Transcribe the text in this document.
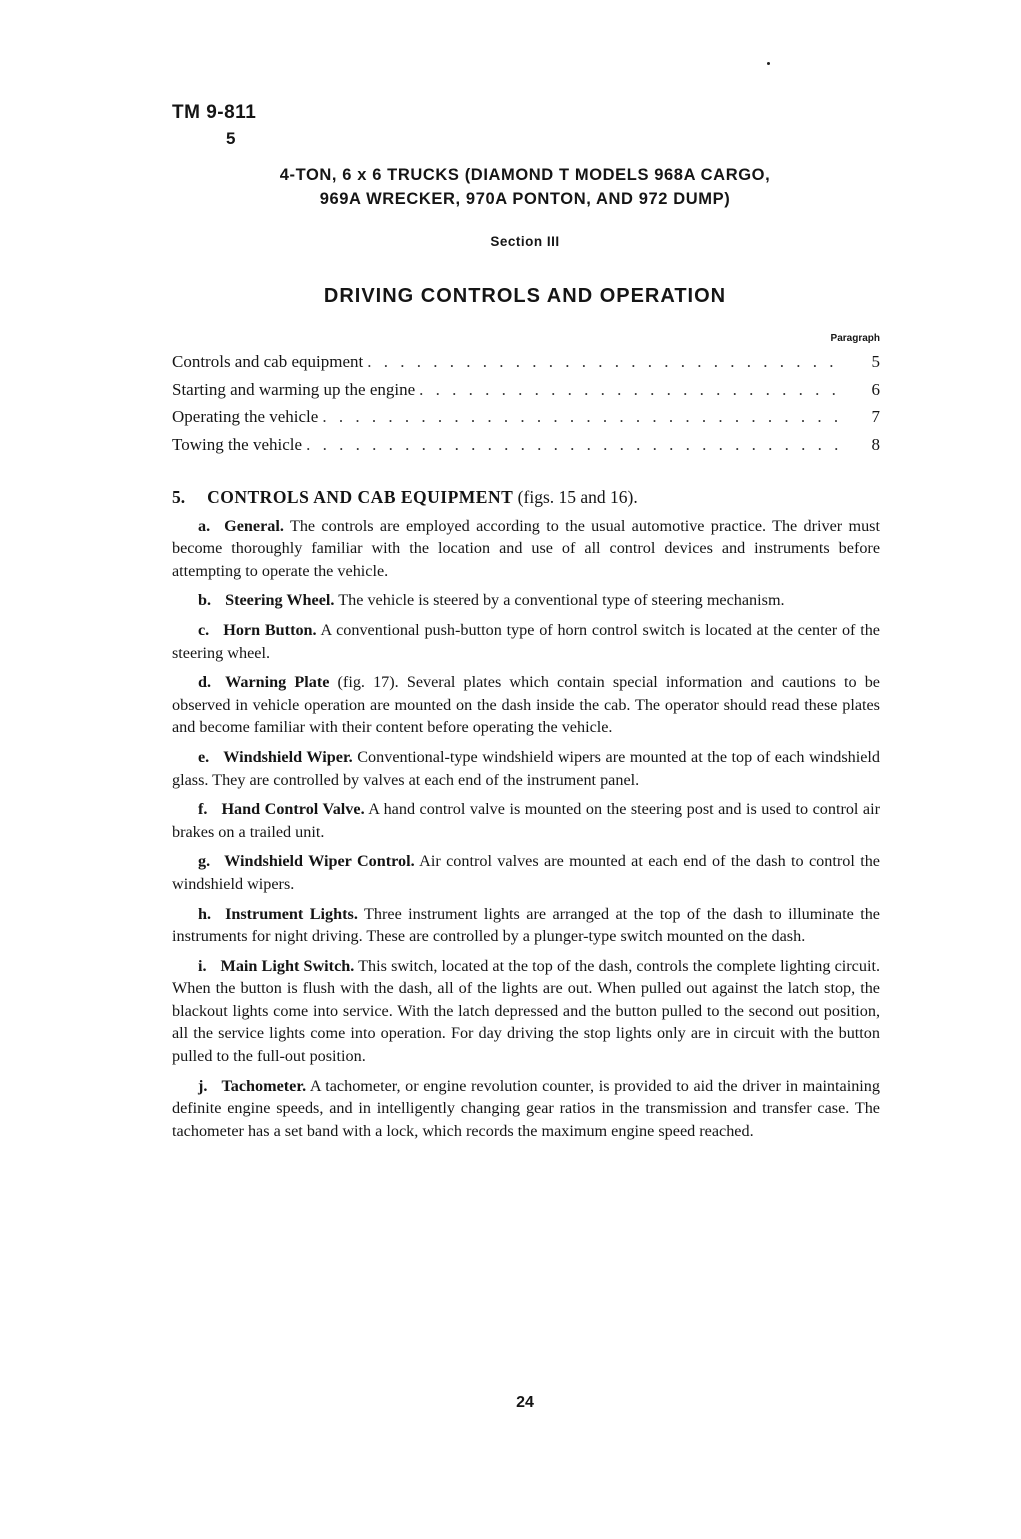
TM 9-811
5
4-TON, 6 x 6 TRUCKS (DIAMOND T MODELS 968A CARGO,
969A WRECKER, 970A PONTON, AND 972 DUMP)
Section III
DRIVING CONTROLS AND OPERATION
Paragraph
Controls and cab equipment . . .	5
Starting and warming up the engine . . .	6
Operating the vehicle . . .	7
Towing the vehicle . . .	8

5. CONTROLS AND CAB EQUIPMENT (figs. 15 and 16).

a. General. The controls are employed according to the usual automotive practice. The driver must become thoroughly familiar with the location and use of all control devices and instruments before attempting to operate the vehicle.

b. Steering Wheel. The vehicle is steered by a conventional type of steering mechanism.

c. Horn Button. A conventional push-button type of horn control switch is located at the center of the steering wheel.

d. Warning Plate (fig. 17). Several plates which contain special information and cautions to be observed in vehicle operation are mounted on the dash inside the cab. The operator should read these plates and become familiar with their content before operating the vehicle.

e. Windshield Wiper. Conventional-type windshield wipers are mounted at the top of each windshield glass. They are controlled by valves at each end of the instrument panel.

f. Hand Control Valve. A hand control valve is mounted on the steering post and is used to control air brakes on a trailed unit.

g. Windshield Wiper Control. Air control valves are mounted at each end of the dash to control the windshield wipers.

h. Instrument Lights. Three instrument lights are arranged at the top of the dash to illuminate the instruments for night driving. These are controlled by a plunger-type switch mounted on the dash.

i. Main Light Switch. This switch, located at the top of the dash, controls the complete lighting circuit. When the button is flush with the dash, all of the lights are out. When pulled out against the latch stop, the blackout lights come into service. With the latch depressed and the button pulled to the second out position, all the service lights come into operation. For day driving the stop lights only are in circuit with the button pulled to the full-out position.

j. Tachometer. A tachometer, or engine revolution counter, is provided to aid the driver in maintaining definite engine speeds, and in intelligently changing gear ratios in the transmission and transfer case. The tachometer has a set band with a lock, which records the maximum engine speed reached.

24
